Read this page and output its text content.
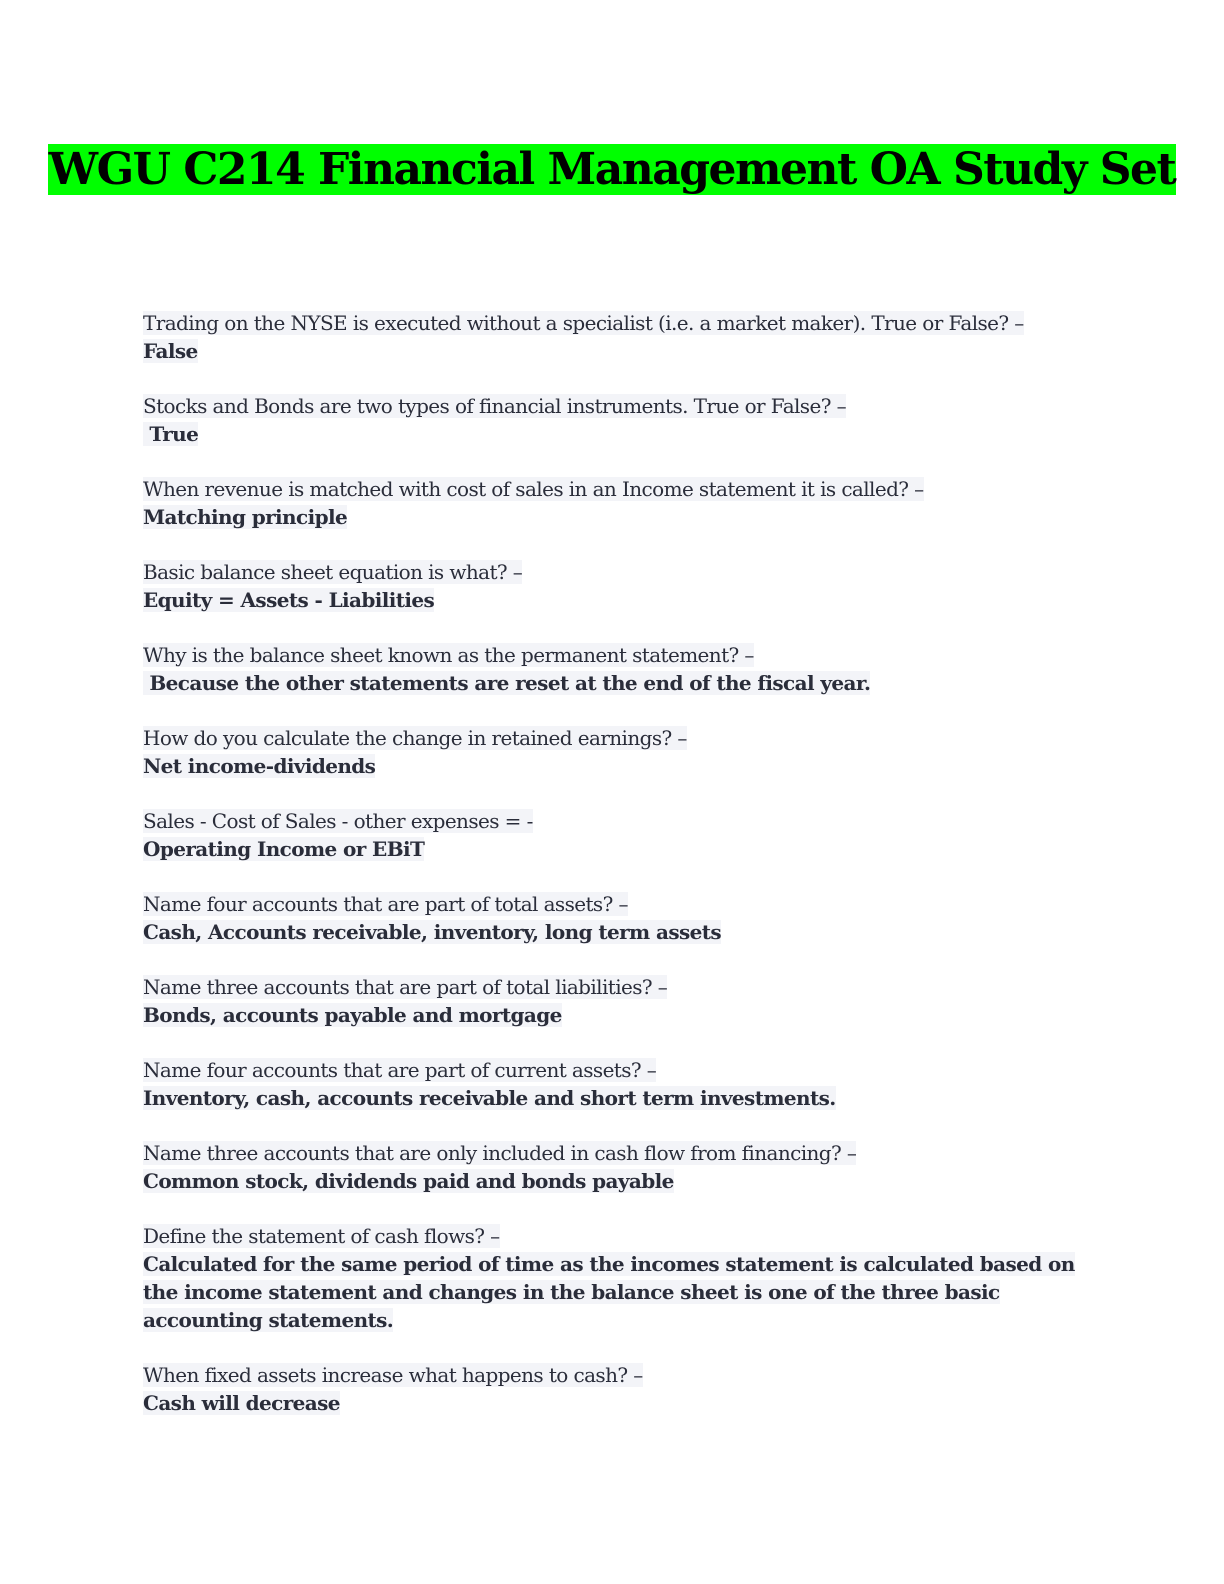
WGU C214 Financial Management OA Study Set
Trading on the NYSE is executed without a specialist (i.e. a market maker). True or False? –
False
Stocks and Bonds are two types of financial instruments. True or False? –
True
When revenue is matched with cost of sales in an Income statement it is called? –
Matching principle
Basic balance sheet equation is what? –
Equity = Assets - Liabilities
Why is the balance sheet known as the permanent statement? –
Because the other statements are reset at the end of the fiscal year.
How do you calculate the change in retained earnings? –
Net income-dividends
Sales - Cost of Sales - other expenses = -
Operating Income or EBiT
Name four accounts that are part of total assets? –
Cash, Accounts receivable, inventory, long term assets
Name three accounts that are part of total liabilities? –
Bonds, accounts payable and mortgage
Name four accounts that are part of current assets? –
Inventory, cash, accounts receivable and short term investments.
Name three accounts that are only included in cash flow from financing? –
Common stock, dividends paid and bonds payable
Define the statement of cash flows? –
Calculated for the same period of time as the incomes statement is calculated based on the income statement and changes in the balance sheet is one of the three basic accounting statements.
When fixed assets increase what happens to cash? –
Cash will decrease
